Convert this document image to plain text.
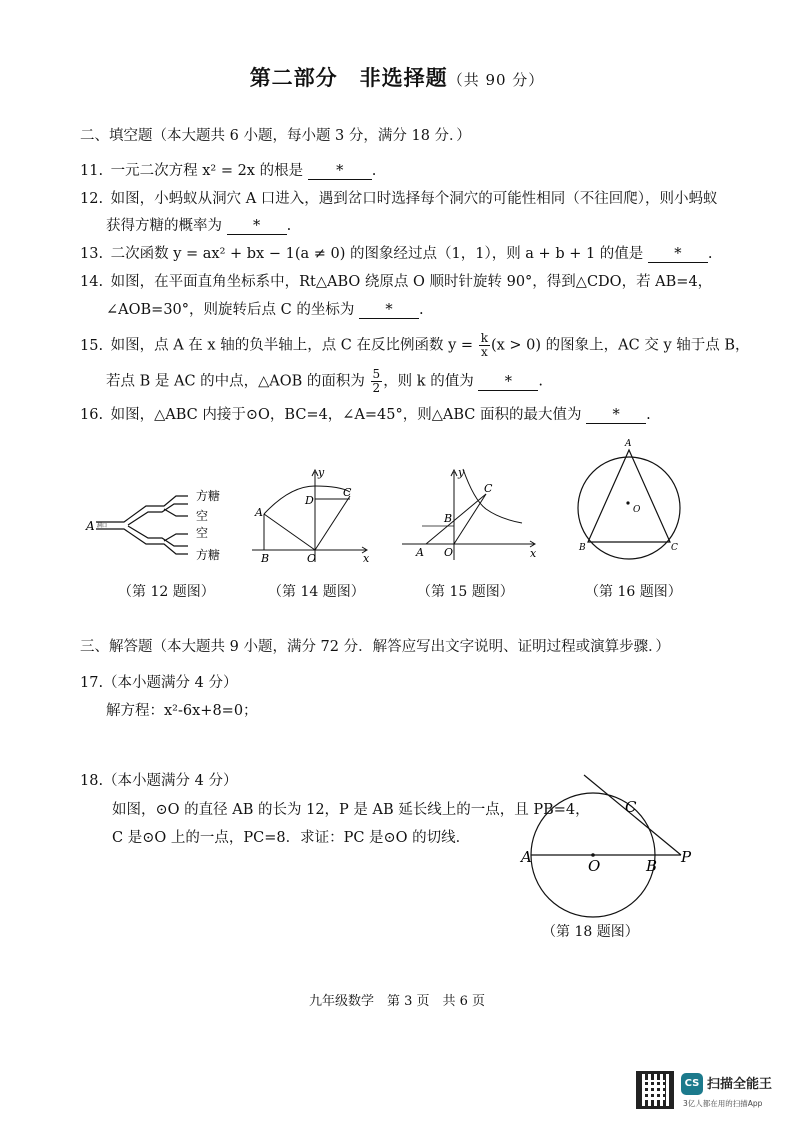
第二部分　非选择题（共 90 分）
二、填空题（本大题共 6 小题，每小题 3 分，满分 18 分．）
11. 一元二次方程 x² = 2x 的根是 * .
12. 如图，小蚂蚁从洞穴 A 口进入，遇到岔口时选择每个洞穴的可能性相同（不往回爬），则小蚂蚁
获得方糖的概率为 * .
13. 二次函数 y = ax² + bx − 1(a ≠ 0) 的图象经过点（1，1），则 a + b + 1 的值是 * .
14. 如图，在平面直角坐标系中，Rt△ABO 绕原点 O 顺时针旋转 90°，得到△CDO，若 AB=4，
∠AOB=30°，则旋转后点 C 的坐标为 * .
15. 如图，点 A 在 x 轴的负半轴上，点 C 在反比例函数 $y = \frac{k}{x} (x > 0)$ 的图象上，AC 交 y 轴于点 B，
若点 B 是 AC 的中点，△AOB 的面积为 $\frac{5}{2}$ ，则 k 的值为 * .
16. 如图，△ABC 内接于⊙O，BC=4，∠A=45°，则△ABC 面积的最大值为 * .
A 洞口
方糖
空
空
方糖
（第 12 题图）
y
x
A
B
C
D
O
（第 14 题图）
y
x
A
B
C
O
（第 15 题图）
A
B	C
O
（第 16 题图）
三、解答题（本大题共 9 小题，满分 72 分．解答应写出文字说明、证明过程或演算步骤．）
17.（本小题满分 4 分）
解方程：x²-6x+8=0；
18.（本小题满分 4 分）
如图，⊙O 的直径 AB 的长为 12，P 是 AB 延长线上的一点，且 PB=4，
C 是⊙O 上的一点，PC=8．求证：PC 是⊙O 的切线．
A	O	B
C
P
（第 18 题图）
九年级数学　第 3 页　共 6 页
CS 扫描全能王
3亿人都在用的扫描App
